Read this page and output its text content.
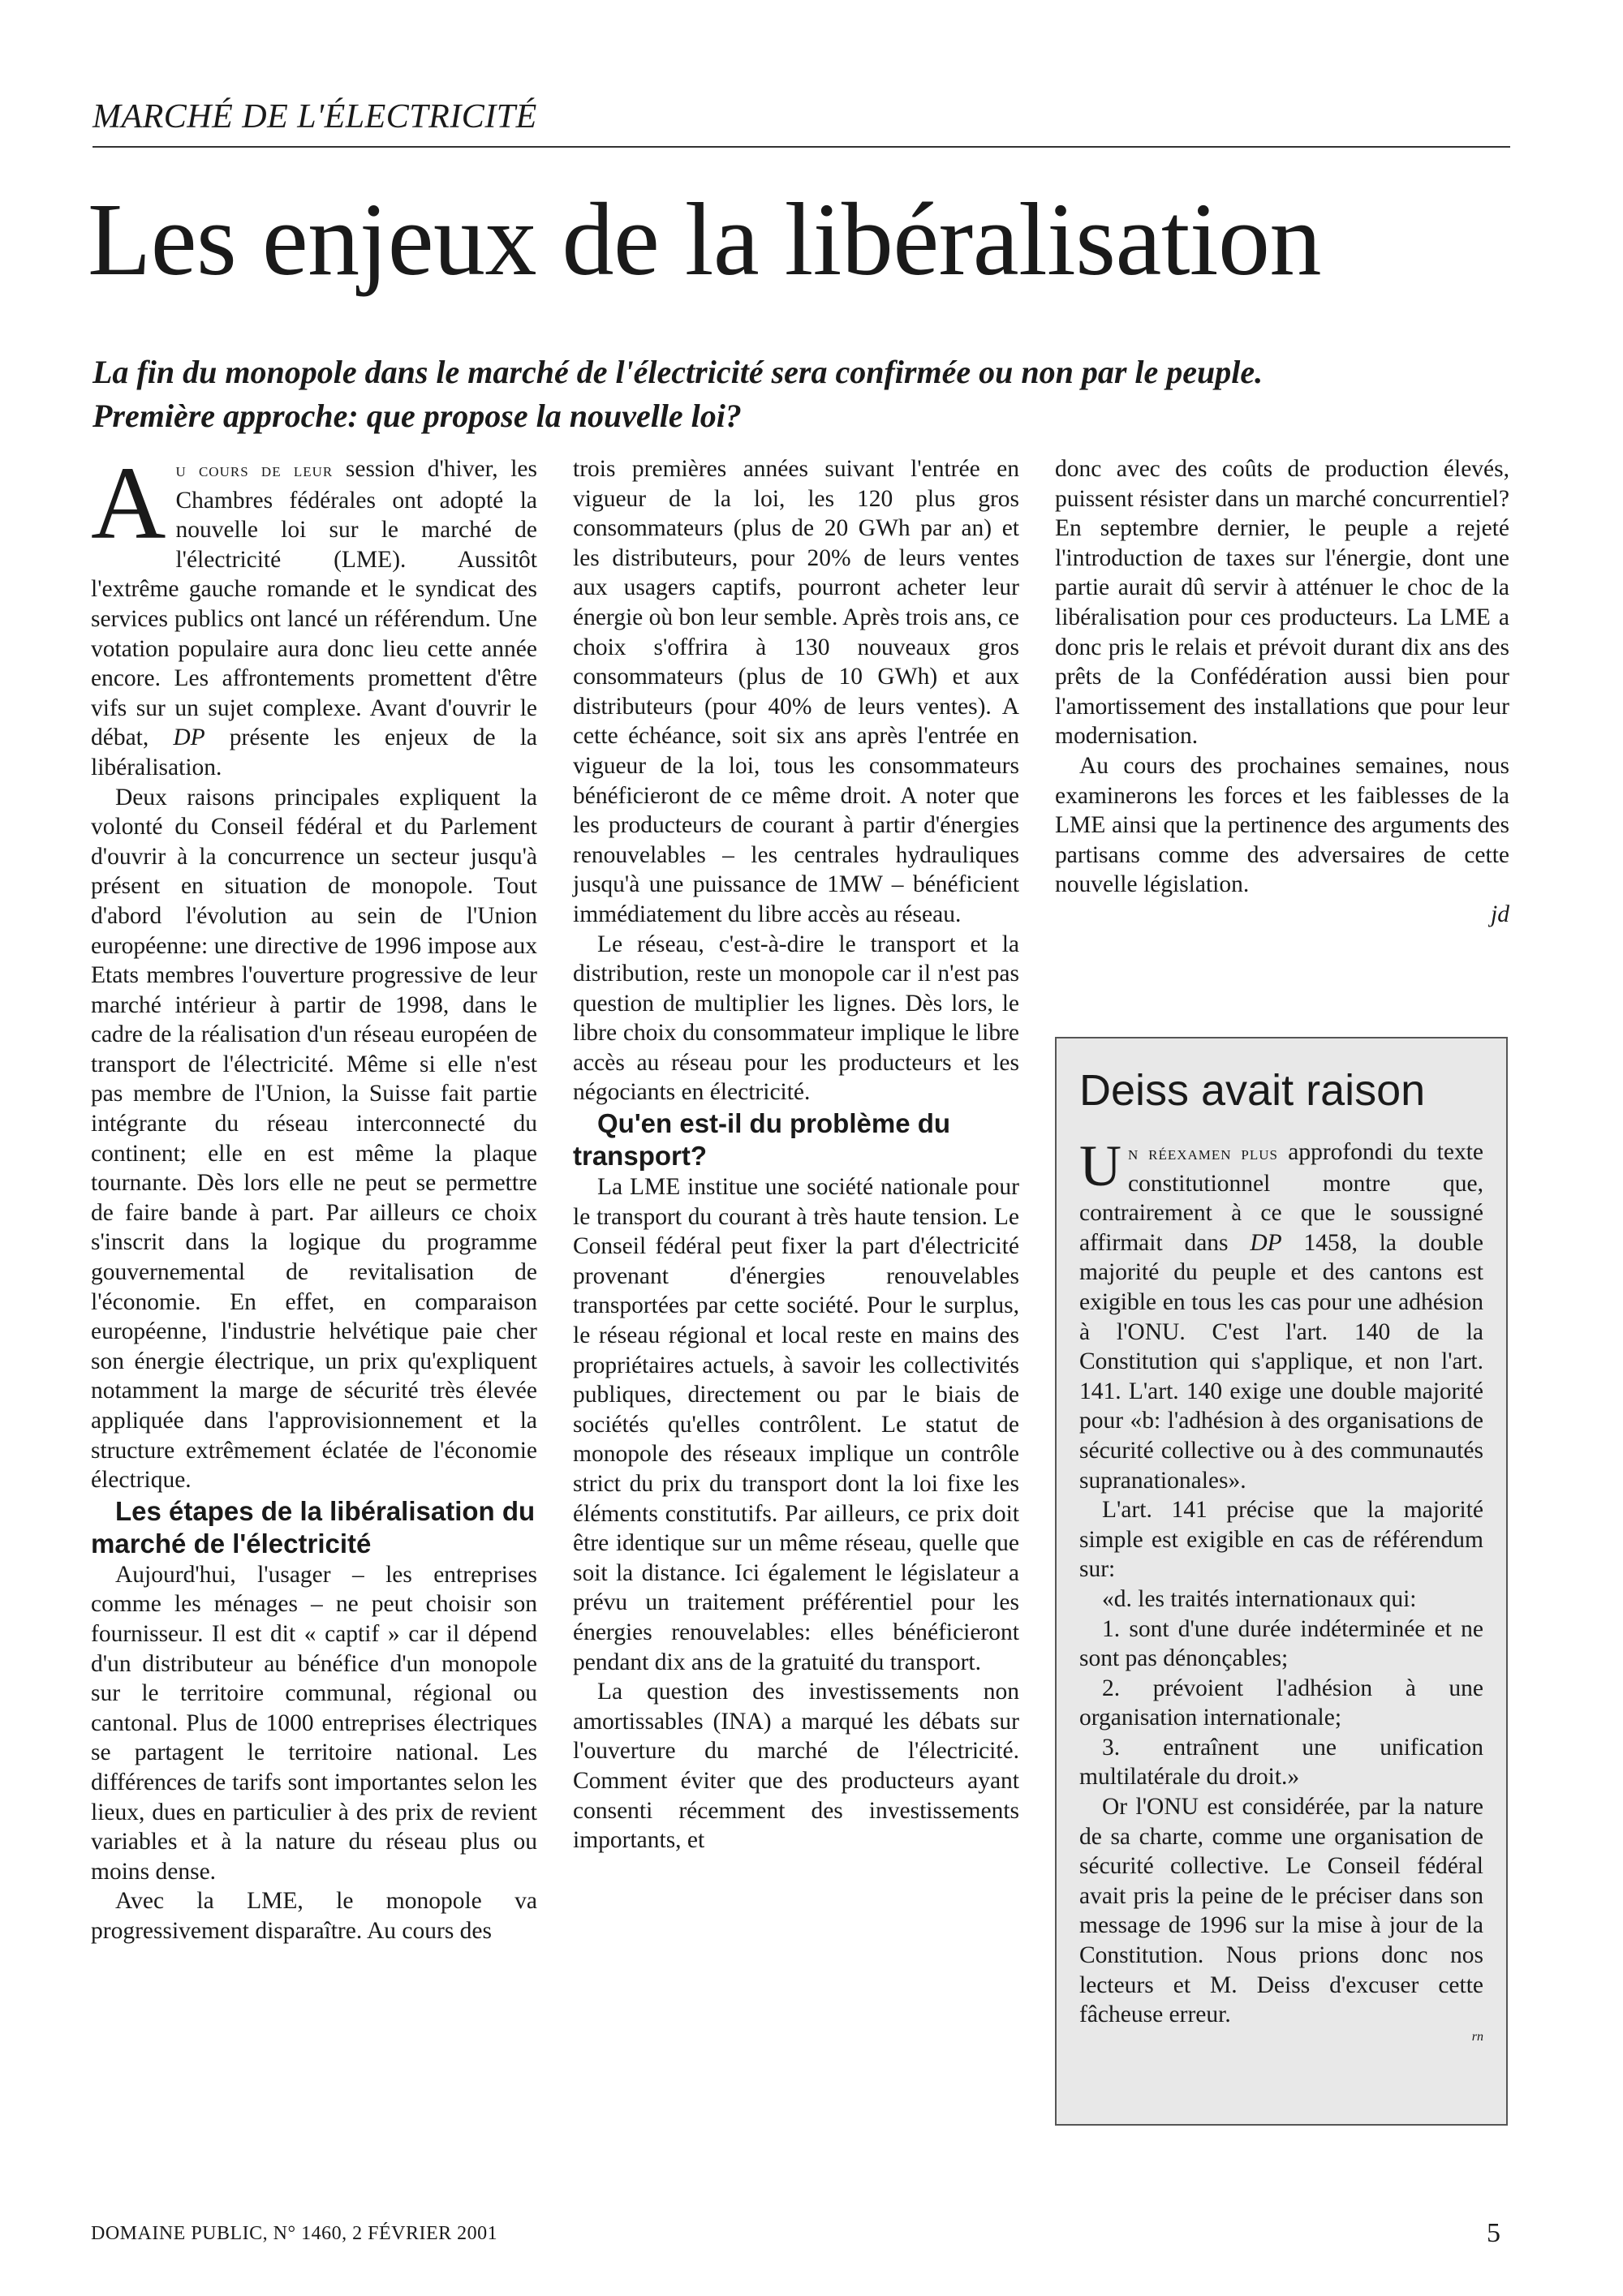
MARCHÉ DE L'ÉLECTRICITÉ
Les enjeux de la libéralisation
La fin du monopole dans le marché de l'électricité sera confirmée ou non par le peuple. Première approche: que propose la nouvelle loi?

Au cours de leur session d'hiver, les Chambres fédérales ont adopté la nouvelle loi sur le marché de l'électricité (LME). Aussitôt l'extrême gauche romande et le syndicat des services publics ont lancé un référendum. Une votation populaire aura donc lieu cette année encore. Les affrontements promettent d'être vifs sur un sujet complexe. Avant d'ouvrir le débat, DP présente les enjeux de la libéralisation.

Deux raisons principales expliquent la volonté du Conseil fédéral et du Parlement d'ouvrir à la concurrence un secteur jusqu'à présent en situation de monopole. Tout d'abord l'évolution au sein de l'Union européenne: une directive de 1996 impose aux Etats membres l'ouverture progressive de leur marché intérieur à partir de 1998, dans le cadre de la réalisation d'un réseau européen de transport de l'électricité. Même si elle n'est pas membre de l'Union, la Suisse fait partie intégrante du réseau interconnecté du continent; elle en est même la plaque tournante. Dès lors elle ne peut se permettre de faire bande à part. Par ailleurs ce choix s'inscrit dans la logique du programme gouvernemental de revitalisation de l'économie. En effet, en comparaison européenne, l'industrie helvétique paie cher son énergie électrique, un prix qu'expliquent notamment la marge de sécurité très élevée appliquée dans l'approvisionnement et la structure extrêmement éclatée de l'économie électrique.

Les étapes de la libéralisation du marché de l'électricité

Aujourd'hui, l'usager – les entreprises comme les ménages – ne peut choisir son fournisseur. Il est dit « captif » car il dépend d'un distributeur au bénéfice d'un monopole sur le territoire communal, régional ou cantonal. Plus de 1000 entreprises électriques se partagent le territoire national. Les différences de tarifs sont importantes selon les lieux, dues en particulier à des prix de revient variables et à la nature du réseau plus ou moins dense.

Avec la LME, le monopole va progressivement disparaître. Au cours des

trois premières années suivant l'entrée en vigueur de la loi, les 120 plus gros consommateurs (plus de 20 GWh par an) et les distributeurs, pour 20% de leurs ventes aux usagers captifs, pourront acheter leur énergie où bon leur semble. Après trois ans, ce choix s'offrira à 130 nouveaux gros consommateurs (plus de 10 GWh) et aux distributeurs (pour 40% de leurs ventes). A cette échéance, soit six ans après l'entrée en vigueur de la loi, tous les consommateurs bénéficieront de ce même droit. A noter que les producteurs de courant à partir d'énergies renouvelables – les centrales hydrauliques jusqu'à une puissance de 1MW – bénéficient immédiatement du libre accès au réseau.

Le réseau, c'est-à-dire le transport et la distribution, reste un monopole car il n'est pas question de multiplier les lignes. Dès lors, le libre choix du consommateur implique le libre accès au réseau pour les producteurs et les négociants en électricité.

Qu'en est-il du problème du transport?

La LME institue une société nationale pour le transport du courant à très haute tension. Le Conseil fédéral peut fixer la part d'électricité provenant d'énergies renouvelables transportées par cette société. Pour le surplus, le réseau régional et local reste en mains des propriétaires actuels, à savoir les collectivités publiques, directement ou par le biais de sociétés qu'elles contrôlent. Le statut de monopole des réseaux implique un contrôle strict du prix du transport dont la loi fixe les éléments constitutifs. Par ailleurs, ce prix doit être identique sur un même réseau, quelle que soit la distance. Ici également le législateur a prévu un traitement préférentiel pour les énergies renouvelables: elles bénéficieront pendant dix ans de la gratuité du transport.

La question des investissements non amortissables (INA) a marqué les débats sur l'ouverture du marché de l'électricité. Comment éviter que des producteurs ayant consenti récemment des investissements importants, et

donc avec des coûts de production élevés, puissent résister dans un marché concurrentiel? En septembre dernier, le peuple a rejeté l'introduction de taxes sur l'énergie, dont une partie aurait dû servir à atténuer le choc de la libéralisation pour ces producteurs. La LME a donc pris le relais et prévoit durant dix ans des prêts de la Confédération aussi bien pour l'amortissement des installations que pour leur modernisation.

Au cours des prochaines semaines, nous examinerons les forces et les faiblesses de la LME ainsi que la pertinence des arguments des partisans comme des adversaires de cette nouvelle législation.

jd
Deiss avait raison

Un réexamen plus approfondi du texte constitutionnel montre que, contrairement à ce que le soussigné affirmait dans DP 1458, la double majorité du peuple et des cantons est exigible en tous les cas pour une adhésion à l'ONU. C'est l'art. 140 de la Constitution qui s'applique, et non l'art. 141. L'art. 140 exige une double majorité pour «b: l'adhésion à des organisations de sécurité collective ou à des communautés supranationales».

L'art. 141 précise que la majorité simple est exigible en cas de référendum sur:

«d. les traités internationaux qui:

1. sont d'une durée indéterminée et ne sont pas dénonçables;

2. prévoient l'adhésion à une organisation internationale;

3. entraînent une unification multilatérale du droit.»

Or l'ONU est considérée, par la nature de sa charte, comme une organisation de sécurité collective. Le Conseil fédéral avait pris la peine de le préciser dans son message de 1996 sur la mise à jour de la Constitution. Nous prions donc nos lecteurs et M. Deiss d'excuser cette fâcheuse erreur.

rn
DOMAINE PUBLIC, N° 1460, 2 FÉVRIER 2001	5
